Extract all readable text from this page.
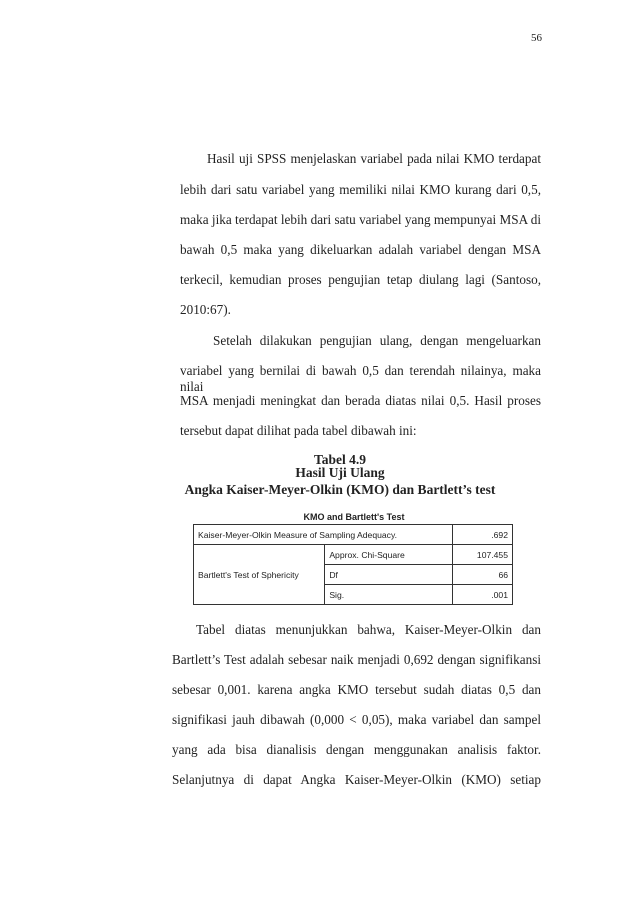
56

Hasil uji SPSS menjelaskan variabel pada nilai KMO terdapat

lebih dari satu variabel yang memiliki nilai KMO kurang dari 0,5,

maka jika terdapat lebih dari satu variabel yang mempunyai MSA di

bawah 0,5 maka yang dikeluarkan adalah variabel dengan MSA

terkecil, kemudian proses pengujian tetap diulang lagi (Santoso,

2010:67).

Setelah dilakukan pengujian ulang, dengan mengeluarkan

variabel yang bernilai di bawah 0,5 dan terendah nilainya, maka nilai

MSA menjadi meningkat dan berada diatas nilai 0,5. Hasil proses

tersebut dapat dilihat pada tabel dibawah ini:

Tabel 4.9

Hasil Uji Ulang

Angka Kaiser-Meyer-Olkin (KMO) dan Bartlett’s test

KMO and Bartlett's Test
Kaiser-Meyer-Olkin Measure of Sampling Adequacy.		.692
Bartlett's Test of Sphericity	Approx. Chi-Square	107.455
	Df	66
	Sig.	.001

Tabel diatas menunjukkan bahwa, Kaiser-Meyer-Olkin dan

Bartlett’s Test adalah sebesar naik menjadi 0,692 dengan signifikansi

sebesar 0,001. karena angka KMO tersebut sudah diatas 0,5 dan

signifikasi jauh dibawah (0,000 < 0,05), maka variabel dan sampel

yang ada bisa dianalisis dengan menggunakan analisis faktor.

Selanjutnya di dapat Angka Kaiser-Meyer-Olkin (KMO) setiap
